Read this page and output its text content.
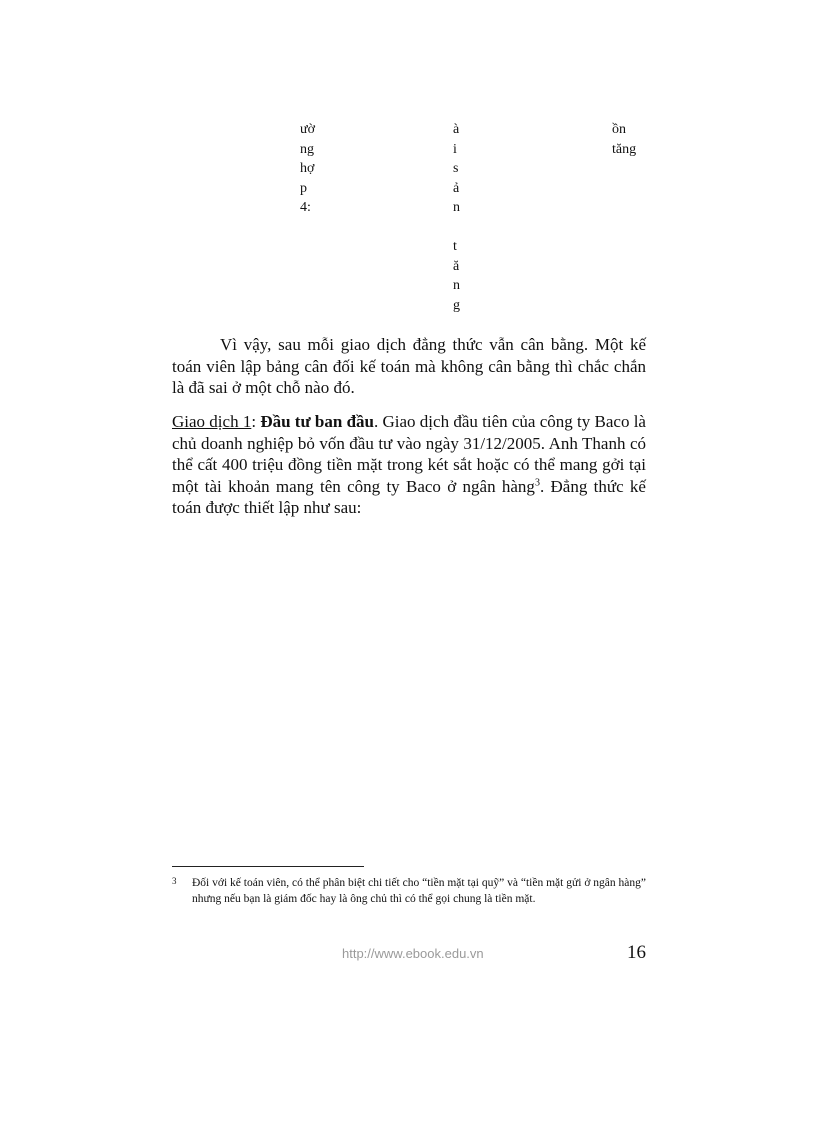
ườ
ng
hợ
p
4:
à
i
s
ả
n

t
ă
n
g
ồn
tăng

Vì vậy, sau mỗi giao dịch đẳng thức vẫn cân bằng. Một kế toán viên lập bảng cân đối kế toán mà không cân bằng thì chắc chắn là đã sai ở một chỗ nào đó.

Giao dịch 1: Đầu tư ban đầu. Giao dịch đầu tiên của công ty Baco là chủ doanh nghiệp bỏ vốn đầu tư vào ngày 31/12/2005. Anh Thanh có thể cất 400 triệu đồng tiền mặt trong két sắt hoặc có thể mang gởi tại một tài khoản mang tên công ty Baco ở ngân hàng$^3$. Đẳng thức kế toán được thiết lập như sau:

3 Đối với kế toán viên, có thể phân biệt chi tiết cho “tiền mặt tại quỹ” và “tiền mặt gửi ở ngân hàng” nhưng nếu bạn là giám đốc hay là ông chủ thì có thể gọi chung là tiền mặt.
http://www.ebook.edu.vn	16
